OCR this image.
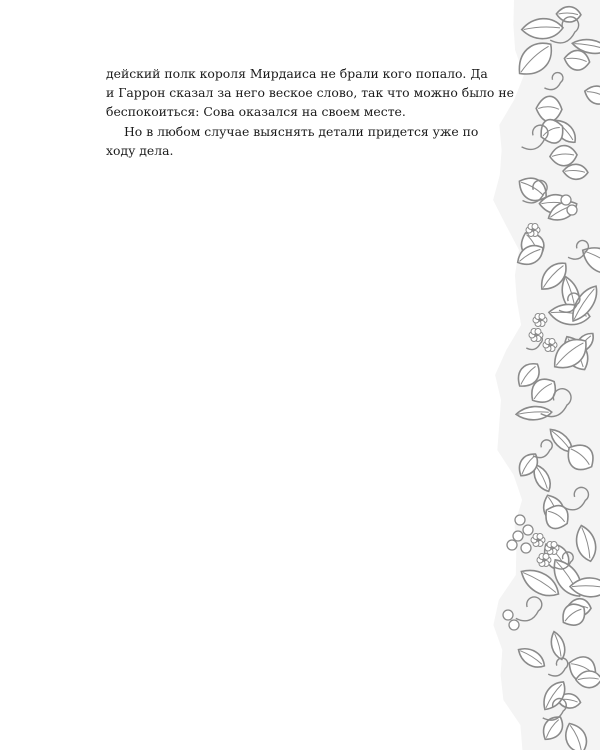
дейский полк короля Мирдаиса не брали кого попало. Да
и Гаррон сказал за него веское слово, так что можно было не
беспокоиться: Сова оказался на своем месте.
Но в любом случае выяснять детали придется уже по
ходу дела.
